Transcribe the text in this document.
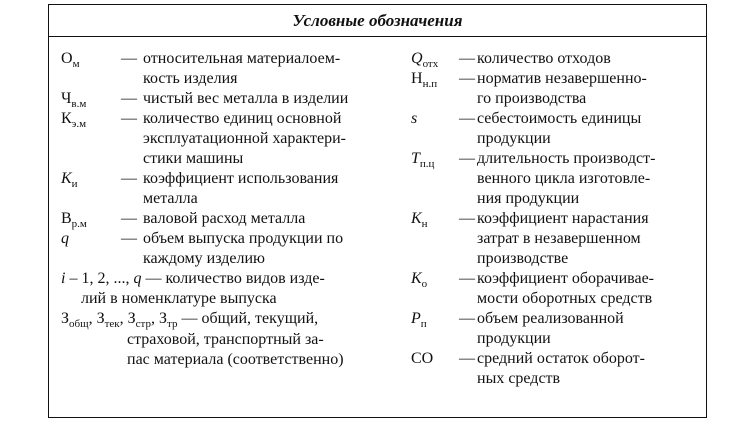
Условные обозначения
$О_м$	— относительная материалоем-
кость изделия
$Ч_{в.м}$ — чистый вес металла в изделии
$К_{э.м}$ — количество единиц основной
эксплуатационной характери-
стики машины
$К_и$	— коэффициент использования
металла
$В_{р.м}$ — валовой расход металла
q	— объем выпуска продукции по
каждому изделию
i – 1, 2, ..., q — количество видов изде-
лий в номенклатуре выпуска
$З_{общ}$, $З_{тек}$, $З_{стр}$, $З_{тр}$ — общий, текущий,
страховой, транспортный за-
пас материала (соответственно)
$Q_{отх}$ — количество отходов
$Н_{н.п}$ — норматив незавершенно-
го производства
s	— себестоимость единицы
продукции
$T_{п.ц}$ — длительность производст-
венного цикла изготовле-
ния продукции
$К_н$ — коэффициент нарастания
затрат в незавершенном
производстве
$К_о$ — коэффициент оборачивае-
мости оборотных средств
$P_п$ — объем реализованной
продукции
СО — средний остаток оборот-
ных средств
